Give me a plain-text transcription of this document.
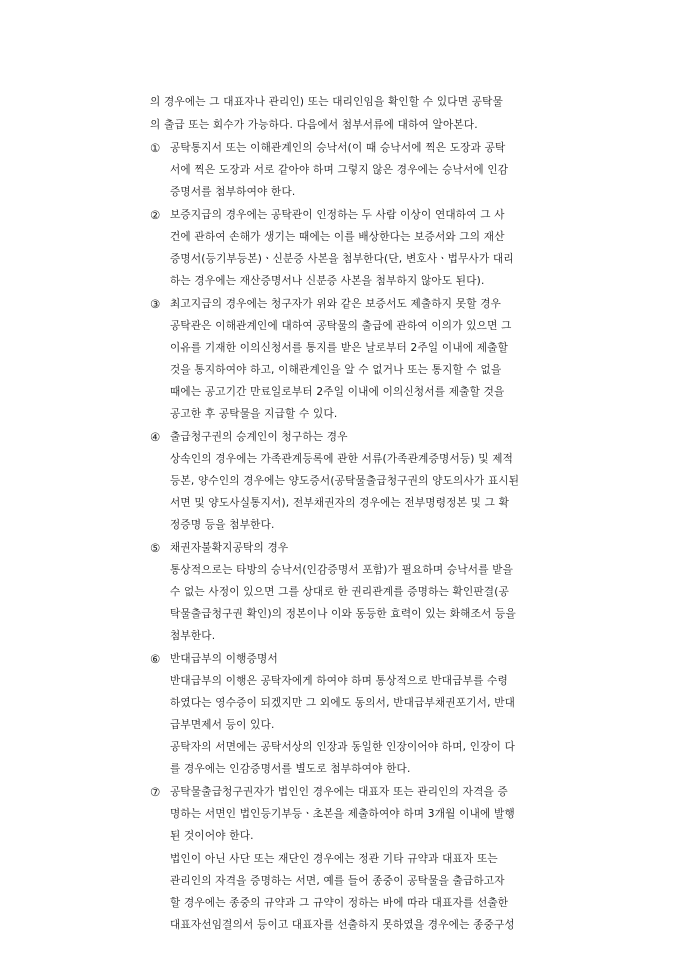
의 경우에는 그 대표자나 관리인) 또는 대리인임을 확인할 수 있다면 공탁물
의 출급 또는 회수가 가능하다. 다음에서 첨부서류에 대하여 알아본다.
① 공탁통지서 또는 이해관계인의 승낙서(이 때 승낙서에 찍은 도장과 공탁
서에 찍은 도장과 서로 같아야 하며 그렇지 않은 경우에는 승낙서에 인감
증명서를 첨부하여야 한다.
② 보증지급의 경우에는 공탁관이 인정하는 두 사람 이상이 연대하여 그 사
건에 관하여 손해가 생기는 때에는 이를 배상한다는 보증서와 그의 재산
증명서(등기부등본)ㆍ신분증 사본을 첨부한다(단, 변호사ㆍ법무사가 대리
하는 경우에는 재산증명서나 신분증 사본을 첨부하지 않아도 된다).
③ 최고지급의 경우에는 청구자가 위와 같은 보증서도 제출하지 못할 경우
공탁관은 이해관계인에 대하여 공탁물의 출급에 관하여 이의가 있으면 그
이유를 기재한 이의신청서를 통지를 받은 날로부터 2주일 이내에 제출할
것을 통지하여야 하고, 이해관계인을 알 수 없거나 또는 통지할 수 없을
때에는 공고기간 만료일로부터 2주일 이내에 이의신청서를 제출할 것을
공고한 후 공탁물을 지급할 수 있다.
④ 출급청구권의 승계인이 청구하는 경우
상속인의 경우에는 가족관계등록에 관한 서류(가족관계증명서등) 및 제적
등본, 양수인의 경우에는 양도증서(공탁물출급청구권의 양도의사가 표시된
서면 및 양도사실통지서), 전부채권자의 경우에는 전부명령정본 및 그 확
정증명 등을 첨부한다.
⑤ 채권자불확지공탁의 경우
통상적으로는 타방의 승낙서(인감증명서 포함)가 필요하며 승낙서를 받을
수 없는 사정이 있으면 그를 상대로 한 권리관계를 증명하는 확인판결(공
탁물출급청구권 확인)의 정본이나 이와 동등한 효력이 있는 화해조서 등을
첨부한다.
⑥ 반대급부의 이행증명서
반대급부의 이행은 공탁자에게 하여야 하며 통상적으로 반대급부를 수령
하였다는 영수증이 되겠지만 그 외에도 동의서, 반대급부채권포기서, 반대
급부면제서 등이 있다.
공탁자의 서면에는 공탁서상의 인장과 동일한 인장이어야 하며, 인장이 다
를 경우에는 인감증명서를 별도로 첨부하여야 한다.
⑦ 공탁물출급청구권자가 법인인 경우에는 대표자 또는 관리인의 자격을 증
명하는 서면인 법인등기부등ㆍ초본을 제출하여야 하며 3개월 이내에 발행
된 것이어야 한다.
법인이 아닌 사단 또는 재단인 경우에는 정관 기타 규약과 대표자 또는
관리인의 자격을 증명하는 서면, 예를 들어 종중이 공탁물을 출급하고자
할 경우에는 종중의 규약과 그 규약이 정하는 바에 따라 대표자를 선출한
대표자선임결의서 등이고 대표자를 선출하지 못하였을 경우에는 종중구성
